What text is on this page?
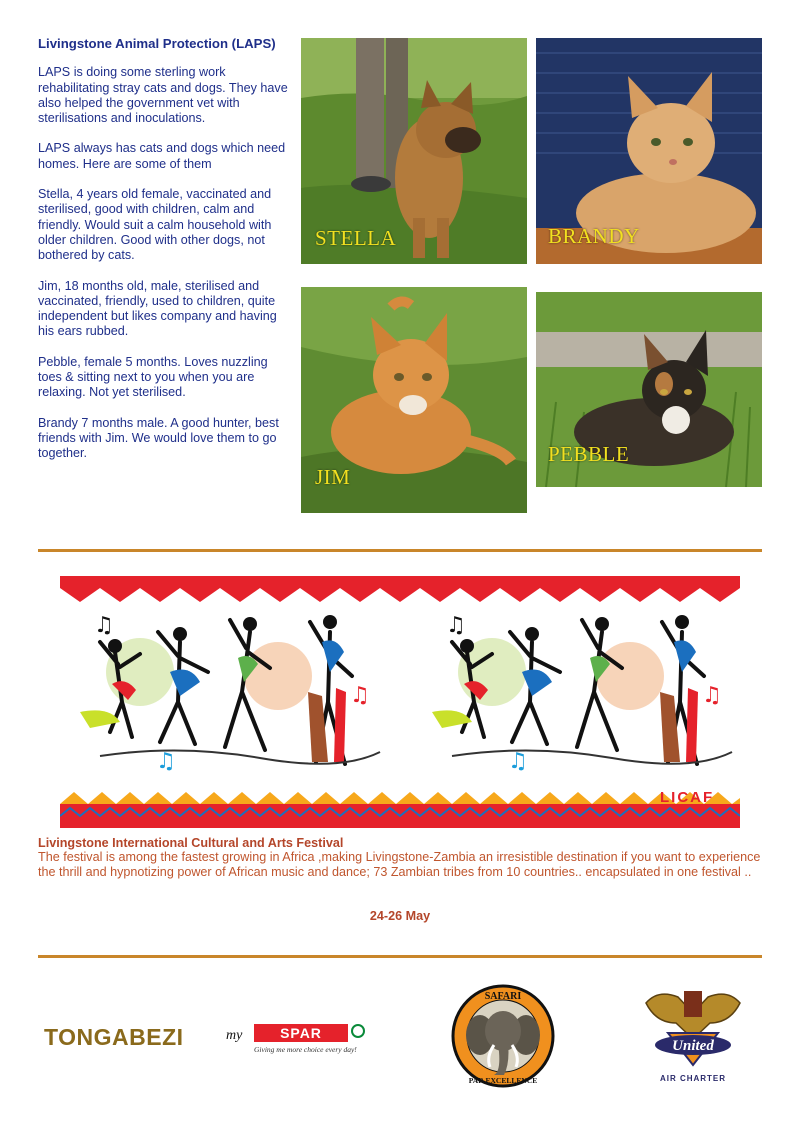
Livingstone Animal Protection (LAPS)

LAPS is doing some sterling work rehabilitating stray cats and dogs. They have also helped the government vet with sterilisations and inoculations.

LAPS always has cats and dogs which need homes. Here are some of them

Stella, 4 years old female, vaccinated and sterilised, good with children, calm and friendly. Would suit a calm household with older children. Good with other dogs, not bothered by cats.

Jim, 18 months old, male, sterilised and vaccinated, friendly, used to children, quite independent but likes company and having his ears rubbed.

Pebble, female 5 months. Loves nuzzling toes & sitting next to you when you are relaxing. Not yet sterilised.

Brandy 7 months male. A good hunter, best friends with Jim. We would love them to go together.

STELLA	BRANDY
JIM
PEBBLE
♫
♫
♫
♫
♫
♫
LICAF
Livingstone International Cultural and Arts Festival

The festival is among the fastest growing in Africa ,making Livingstone-Zambia an irresistible destination if you want to experience the thrill and hypnotizing power of African music and dance; 73 Zambian tribes from 10 countries.. encapsulated in one festival ..

24-26 May
TONGABEZI	my	SPAR
Giving me more choice every day!
SAFARI
PAR EXCELLENCE
United
AIR CHARTER
